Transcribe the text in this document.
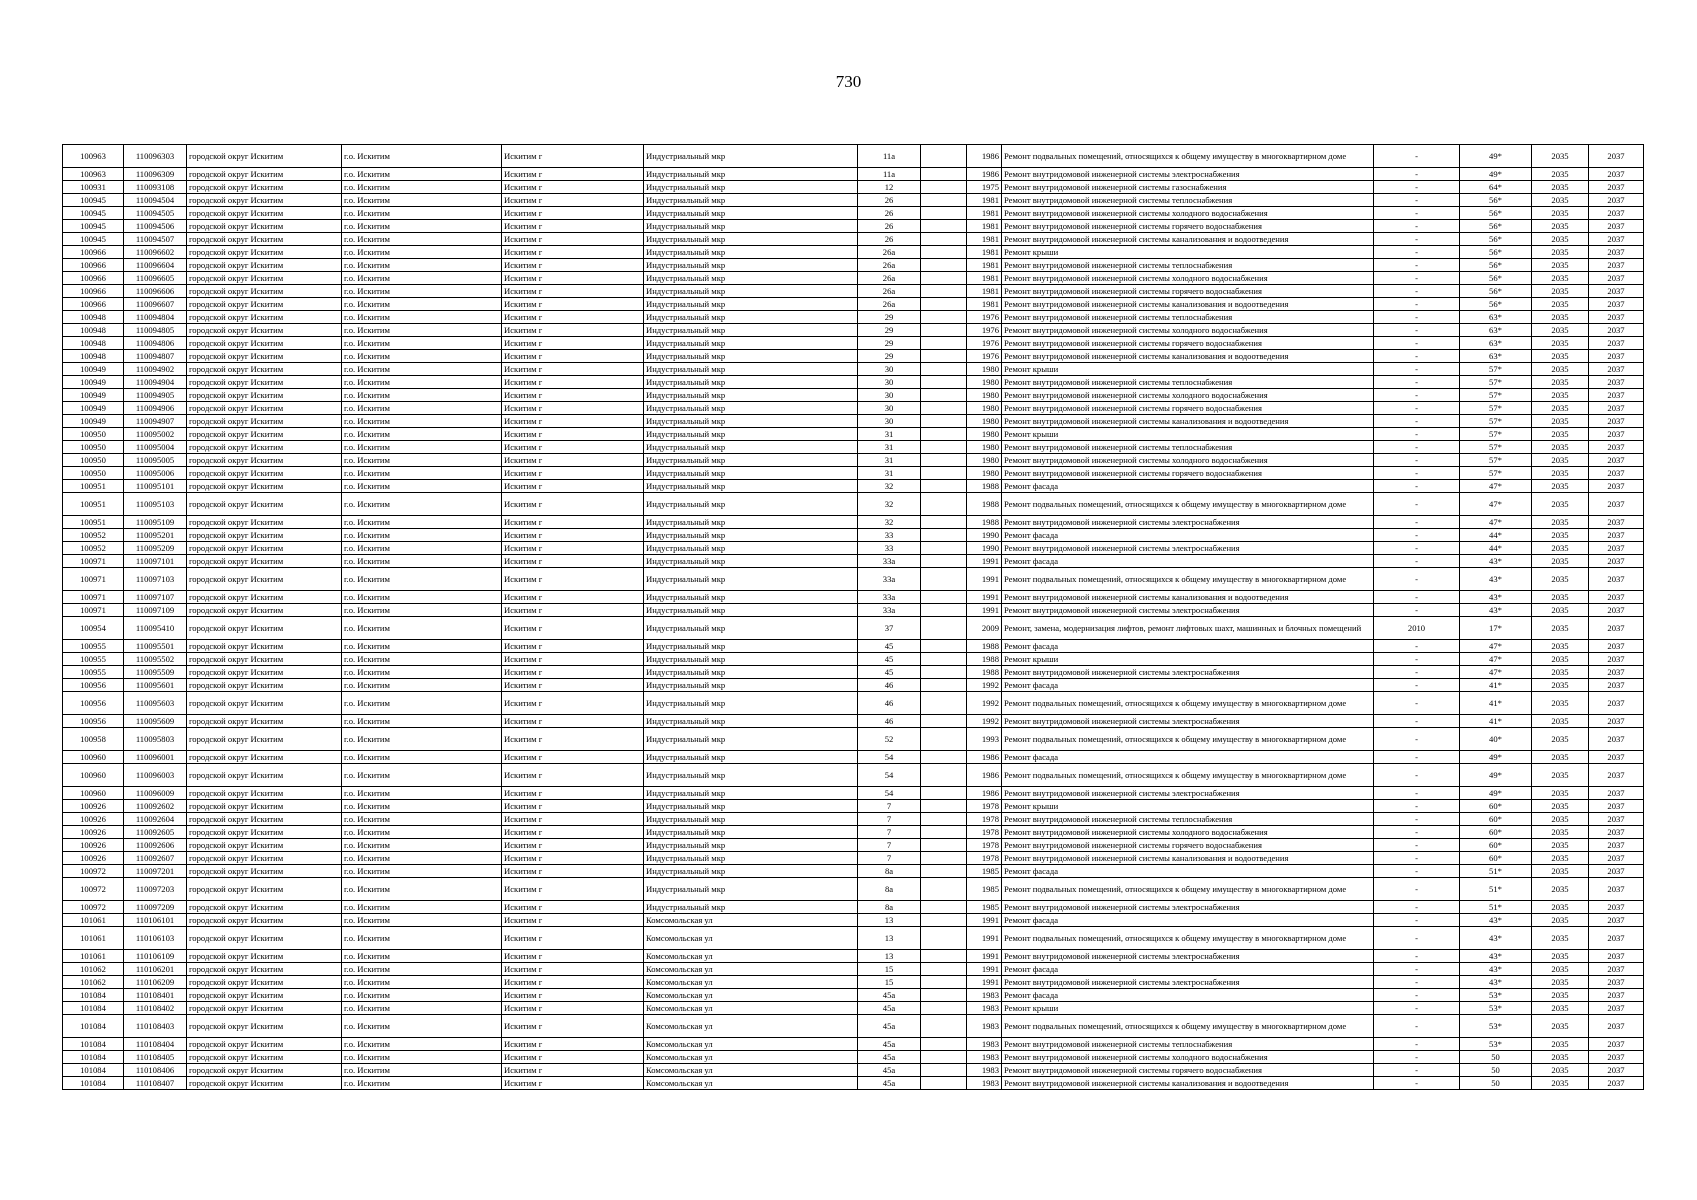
730
100963	110096303	городской округ Искитим	г.о. Искитим	Искитим г	Индустриальный мкр	11а		1986	Ремонт подвальных помещений, относящихся к общему имуществу в многоквартирном доме	-	49*	2035	2037
100963	110096309	городской округ Искитим	г.о. Искитим	Искитим г	Индустриальный мкр	11а		1986	Ремонт внутридомовой инженерной системы электроснабжения	-	49*	2035	2037
100931	110093108	городской округ Искитим	г.о. Искитим	Искитим г	Индустриальный мкр	12		1975	Ремонт внутридомовой инженерной системы газоснабжения	-	64*	2035	2037
100945	110094504	городской округ Искитим	г.о. Искитим	Искитим г	Индустриальный мкр	26		1981	Ремонт внутридомовой инженерной системы теплоснабжения	-	56*	2035	2037
100945	110094505	городской округ Искитим	г.о. Искитим	Искитим г	Индустриальный мкр	26		1981	Ремонт внутридомовой инженерной системы холодного водоснабжения	-	56*	2035	2037
100945	110094506	городской округ Искитим	г.о. Искитим	Искитим г	Индустриальный мкр	26		1981	Ремонт внутридомовой инженерной системы горячего водоснабжения	-	56*	2035	2037
100945	110094507	городской округ Искитим	г.о. Искитим	Искитим г	Индустриальный мкр	26		1981	Ремонт внутридомовой инженерной системы канализования и водоотведения	-	56*	2035	2037
100966	110096602	городской округ Искитим	г.о. Искитим	Искитим г	Индустриальный мкр	26а		1981	Ремонт крыши	-	56*	2035	2037
100966	110096604	городской округ Искитим	г.о. Искитим	Искитим г	Индустриальный мкр	26а		1981	Ремонт внутридомовой инженерной системы теплоснабжения	-	56*	2035	2037
100966	110096605	городской округ Искитим	г.о. Искитим	Искитим г	Индустриальный мкр	26а		1981	Ремонт внутридомовой инженерной системы холодного водоснабжения	-	56*	2035	2037
100966	110096606	городской округ Искитим	г.о. Искитим	Искитим г	Индустриальный мкр	26а		1981	Ремонт внутридомовой инженерной системы горячего водоснабжения	-	56*	2035	2037
100966	110096607	городской округ Искитим	г.о. Искитим	Искитим г	Индустриальный мкр	26а		1981	Ремонт внутридомовой инженерной системы канализования и водоотведения	-	56*	2035	2037
100948	110094804	городской округ Искитим	г.о. Искитим	Искитим г	Индустриальный мкр	29		1976	Ремонт внутридомовой инженерной системы теплоснабжения	-	63*	2035	2037
100948	110094805	городской округ Искитим	г.о. Искитим	Искитим г	Индустриальный мкр	29		1976	Ремонт внутридомовой инженерной системы холодного водоснабжения	-	63*	2035	2037
100948	110094806	городской округ Искитим	г.о. Искитим	Искитим г	Индустриальный мкр	29		1976	Ремонт внутридомовой инженерной системы горячего водоснабжения	-	63*	2035	2037
100948	110094807	городской округ Искитим	г.о. Искитим	Искитим г	Индустриальный мкр	29		1976	Ремонт внутридомовой инженерной системы канализования и водоотведения	-	63*	2035	2037
100949	110094902	городской округ Искитим	г.о. Искитим	Искитим г	Индустриальный мкр	30		1980	Ремонт крыши	-	57*	2035	2037
100949	110094904	городской округ Искитим	г.о. Искитим	Искитим г	Индустриальный мкр	30		1980	Ремонт внутридомовой инженерной системы теплоснабжения	-	57*	2035	2037
100949	110094905	городской округ Искитим	г.о. Искитим	Искитим г	Индустриальный мкр	30		1980	Ремонт внутридомовой инженерной системы холодного водоснабжения	-	57*	2035	2037
100949	110094906	городской округ Искитим	г.о. Искитим	Искитим г	Индустриальный мкр	30		1980	Ремонт внутридомовой инженерной системы горячего водоснабжения	-	57*	2035	2037
100949	110094907	городской округ Искитим	г.о. Искитим	Искитим г	Индустриальный мкр	30		1980	Ремонт внутридомовой инженерной системы канализования и водоотведения	-	57*	2035	2037
100950	110095002	городской округ Искитим	г.о. Искитим	Искитим г	Индустриальный мкр	31		1980	Ремонт крыши	-	57*	2035	2037
100950	110095004	городской округ Искитим	г.о. Искитим	Искитим г	Индустриальный мкр	31		1980	Ремонт внутридомовой инженерной системы теплоснабжения	-	57*	2035	2037
100950	110095005	городской округ Искитим	г.о. Искитим	Искитим г	Индустриальный мкр	31		1980	Ремонт внутридомовой инженерной системы холодного водоснабжения	-	57*	2035	2037
100950	110095006	городской округ Искитим	г.о. Искитим	Искитим г	Индустриальный мкр	31		1980	Ремонт внутридомовой инженерной системы горячего водоснабжения	-	57*	2035	2037
100951	110095101	городской округ Искитим	г.о. Искитим	Искитим г	Индустриальный мкр	32		1988	Ремонт фасада	-	47*	2035	2037
100951	110095103	городской округ Искитим	г.о. Искитим	Искитим г	Индустриальный мкр	32		1988	Ремонт подвальных помещений, относящихся к общему имуществу в многоквартирном доме	-	47*	2035	2037
100951	110095109	городской округ Искитим	г.о. Искитим	Искитим г	Индустриальный мкр	32		1988	Ремонт внутридомовой инженерной системы электроснабжения	-	47*	2035	2037
100952	110095201	городской округ Искитим	г.о. Искитим	Искитим г	Индустриальный мкр	33		1990	Ремонт фасада	-	44*	2035	2037
100952	110095209	городской округ Искитим	г.о. Искитим	Искитим г	Индустриальный мкр	33		1990	Ремонт внутридомовой инженерной системы электроснабжения	-	44*	2035	2037
100971	110097101	городской округ Искитим	г.о. Искитим	Искитим г	Индустриальный мкр	33а		1991	Ремонт фасада	-	43*	2035	2037
100971	110097103	городской округ Искитим	г.о. Искитим	Искитим г	Индустриальный мкр	33а		1991	Ремонт подвальных помещений, относящихся к общему имуществу в многоквартирном доме	-	43*	2035	2037
100971	110097107	городской округ Искитим	г.о. Искитим	Искитим г	Индустриальный мкр	33а		1991	Ремонт внутридомовой инженерной системы канализования и водоотведения	-	43*	2035	2037
100971	110097109	городской округ Искитим	г.о. Искитим	Искитим г	Индустриальный мкр	33а		1991	Ремонт внутридомовой инженерной системы электроснабжения	-	43*	2035	2037
100954	110095410	городской округ Искитим	г.о. Искитим	Искитим г	Индустриальный мкр	37		2009	Ремонт, замена, модернизация лифтов, ремонт лифтовых шахт, машинных и блочных помещений	2010	17*	2035	2037
100955	110095501	городской округ Искитим	г.о. Искитим	Искитим г	Индустриальный мкр	45		1988	Ремонт фасада	-	47*	2035	2037
100955	110095502	городской округ Искитим	г.о. Искитим	Искитим г	Индустриальный мкр	45		1988	Ремонт крыши	-	47*	2035	2037
100955	110095509	городской округ Искитим	г.о. Искитим	Искитим г	Индустриальный мкр	45		1988	Ремонт внутридомовой инженерной системы электроснабжения	-	47*	2035	2037
100956	110095601	городской округ Искитим	г.о. Искитим	Искитим г	Индустриальный мкр	46		1992	Ремонт фасада	-	41*	2035	2037
100956	110095603	городской округ Искитим	г.о. Искитим	Искитим г	Индустриальный мкр	46		1992	Ремонт подвальных помещений, относящихся к общему имуществу в многоквартирном доме	-	41*	2035	2037
100956	110095609	городской округ Искитим	г.о. Искитим	Искитим г	Индустриальный мкр	46		1992	Ремонт внутридомовой инженерной системы электроснабжения	-	41*	2035	2037
100958	110095803	городской округ Искитим	г.о. Искитим	Искитим г	Индустриальный мкр	52		1993	Ремонт подвальных помещений, относящихся к общему имуществу в многоквартирном доме	-	40*	2035	2037
100960	110096001	городской округ Искитим	г.о. Искитим	Искитим г	Индустриальный мкр	54		1986	Ремонт фасада	-	49*	2035	2037
100960	110096003	городской округ Искитим	г.о. Искитим	Искитим г	Индустриальный мкр	54		1986	Ремонт подвальных помещений, относящихся к общему имуществу в многоквартирном доме	-	49*	2035	2037
100960	110096009	городской округ Искитим	г.о. Искитим	Искитим г	Индустриальный мкр	54		1986	Ремонт внутридомовой инженерной системы электроснабжения	-	49*	2035	2037
100926	110092602	городской округ Искитим	г.о. Искитим	Искитим г	Индустриальный мкр	7		1978	Ремонт крыши	-	60*	2035	2037
100926	110092604	городской округ Искитим	г.о. Искитим	Искитим г	Индустриальный мкр	7		1978	Ремонт внутридомовой инженерной системы теплоснабжения	-	60*	2035	2037
100926	110092605	городской округ Искитим	г.о. Искитим	Искитим г	Индустриальный мкр	7		1978	Ремонт внутридомовой инженерной системы холодного водоснабжения	-	60*	2035	2037
100926	110092606	городской округ Искитим	г.о. Искитим	Искитим г	Индустриальный мкр	7		1978	Ремонт внутридомовой инженерной системы горячего водоснабжения	-	60*	2035	2037
100926	110092607	городской округ Искитим	г.о. Искитим	Искитим г	Индустриальный мкр	7		1978	Ремонт внутридомовой инженерной системы канализования и водоотведения	-	60*	2035	2037
100972	110097201	городской округ Искитим	г.о. Искитим	Искитим г	Индустриальный мкр	8а		1985	Ремонт фасада	-	51*	2035	2037
100972	110097203	городской округ Искитим	г.о. Искитим	Искитим г	Индустриальный мкр	8а		1985	Ремонт подвальных помещений, относящихся к общему имуществу в многоквартирном доме	-	51*	2035	2037
100972	110097209	городской округ Искитим	г.о. Искитим	Искитим г	Индустриальный мкр	8а		1985	Ремонт внутридомовой инженерной системы электроснабжения	-	51*	2035	2037
101061	110106101	городской округ Искитим	г.о. Искитим	Искитим г	Комсомольская ул	13		1991	Ремонт фасада	-	43*	2035	2037
101061	110106103	городской округ Искитим	г.о. Искитим	Искитим г	Комсомольская ул	13		1991	Ремонт подвальных помещений, относящихся к общему имуществу в многоквартирном доме	-	43*	2035	2037
101061	110106109	городской округ Искитим	г.о. Искитим	Искитим г	Комсомольская ул	13		1991	Ремонт внутридомовой инженерной системы электроснабжения	-	43*	2035	2037
101062	110106201	городской округ Искитим	г.о. Искитим	Искитим г	Комсомольская ул	15		1991	Ремонт фасада	-	43*	2035	2037
101062	110106209	городской округ Искитим	г.о. Искитим	Искитим г	Комсомольская ул	15		1991	Ремонт внутридомовой инженерной системы электроснабжения	-	43*	2035	2037
101084	110108401	городской округ Искитим	г.о. Искитим	Искитим г	Комсомольская ул	45а		1983	Ремонт фасада	-	53*	2035	2037
101084	110108402	городской округ Искитим	г.о. Искитим	Искитим г	Комсомольская ул	45а		1983	Ремонт крыши	-	53*	2035	2037
101084	110108403	городской округ Искитим	г.о. Искитим	Искитим г	Комсомольская ул	45а		1983	Ремонт подвальных помещений, относящихся к общему имуществу в многоквартирном доме	-	53*	2035	2037
101084	110108404	городской округ Искитим	г.о. Искитим	Искитим г	Комсомольская ул	45а		1983	Ремонт внутридомовой инженерной системы теплоснабжения	-	53*	2035	2037
101084	110108405	городской округ Искитим	г.о. Искитим	Искитим г	Комсомольская ул	45а		1983	Ремонт внутридомовой инженерной системы холодного водоснабжения	-	50	2035	2037
101084	110108406	городской округ Искитим	г.о. Искитим	Искитим г	Комсомольская ул	45а		1983	Ремонт внутридомовой инженерной системы горячего водоснабжения	-	50	2035	2037
101084	110108407	городской округ Искитим	г.о. Искитим	Искитим г	Комсомольская ул	45а		1983	Ремонт внутридомовой инженерной системы канализования и водоотведения	-	50	2035	2037
